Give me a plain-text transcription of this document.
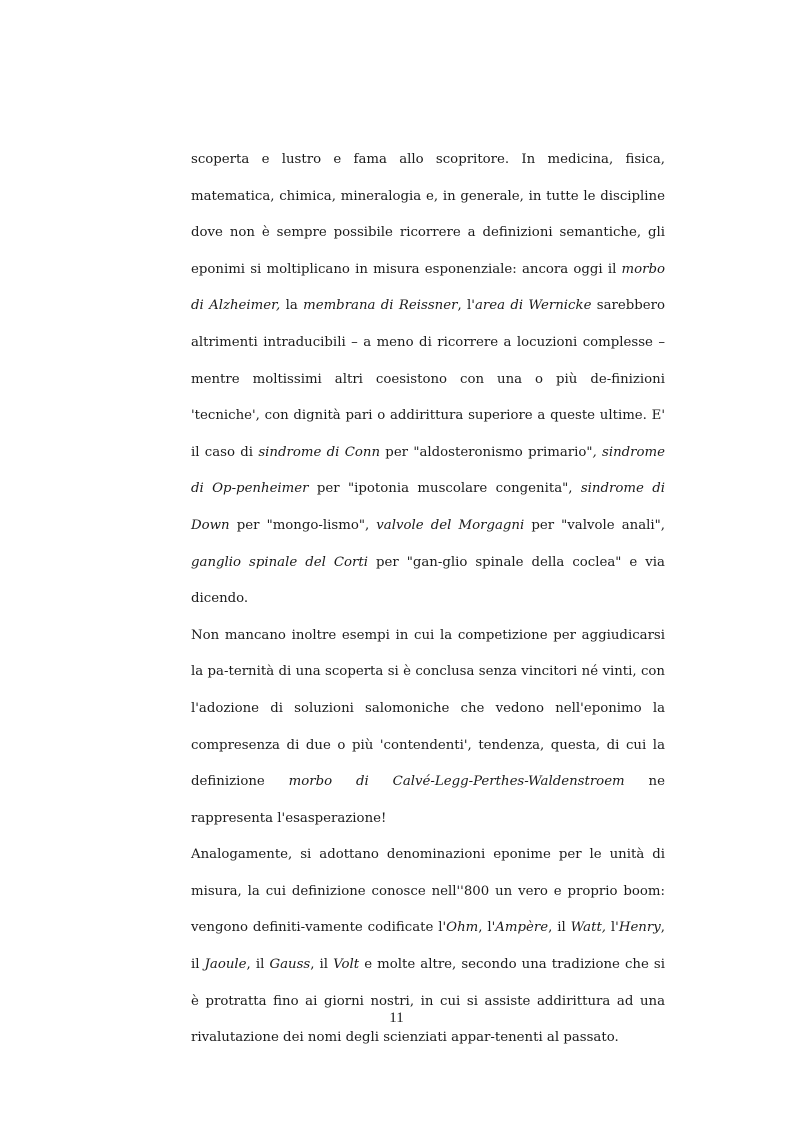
scoperta e lustro e fama allo scopritore. In medicina, fisica, matematica, chimica, mineralogia e, in generale, in tutte le discipline dove non è sempre possibile ricorrere a definizioni semantiche, gli eponimi si moltiplicano in misura esponenziale: ancora oggi il morbo di Alzheimer, la membrana di Reissner, l'area di Wernicke sarebbero altrimenti intraducibili – a meno di ricorrere a locuzioni complesse – mentre moltissimi altri coesistono con una o più de-finizioni 'tecniche', con dignità pari o addirittura superiore a queste ultime. E' il caso di sindrome di Conn per "aldosteronismo primario", sindrome di Op-penheimer per "ipotonia muscolare congenita", sindrome di Down per "mongo-lismo", valvole del Morgagni per "valvole anali", ganglio spinale del Corti per "gan-glio spinale della coclea" e via dicendo.

Non mancano inoltre esempi in cui la competizione per aggiudicarsi la pa-ternità di una scoperta si è conclusa senza vincitori né vinti, con l'adozione di soluzioni salomoniche che vedono nell'eponimo la compresenza di due o più 'contendenti', tendenza, questa, di cui la definizione morbo di Calvé-Legg-Perthes-Waldenstroem ne rappresenta l'esasperazione!

Analogamente, si adottano denominazioni eponime per le unità di misura, la cui definizione conosce nell''800 un vero e proprio boom: vengono definiti-vamente codificate l'Ohm, l'Ampère, il Watt, l'Henry, il Jaoule, il Gauss, il Volt e molte altre, secondo una tradizione che si è protratta fino ai giorni nostri, in cui si assiste addirittura ad una rivalutazione dei nomi degli scienziati appar-tenenti al passato.

11
